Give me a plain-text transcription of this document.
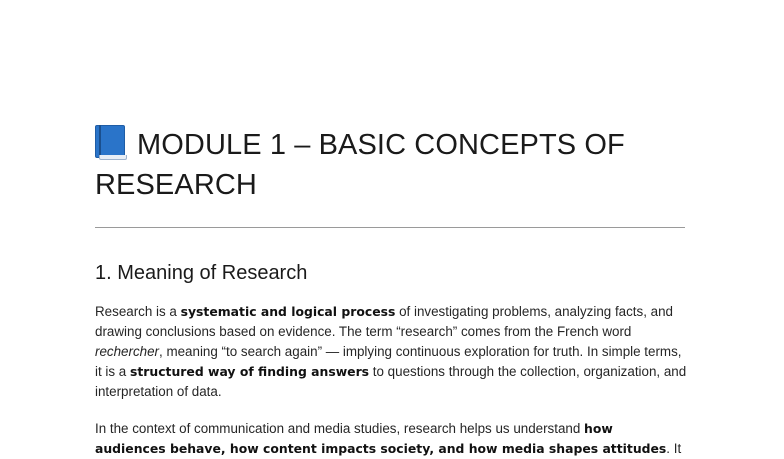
MODULE 1 – BASIC CONCEPTS OF RESEARCH
1. Meaning of Research

Research is a systematic and logical process of investigating problems, analyzing facts, and drawing conclusions based on evidence. The term “research” comes from the French word rechercher, meaning “to search again” — implying continuous exploration for truth. In simple terms, it is a structured way of finding answers to questions through the collection, organization, and interpretation of data.

In the context of communication and media studies, research helps us understand how audiences behave, how content impacts society, and how media shapes attitudes. It
